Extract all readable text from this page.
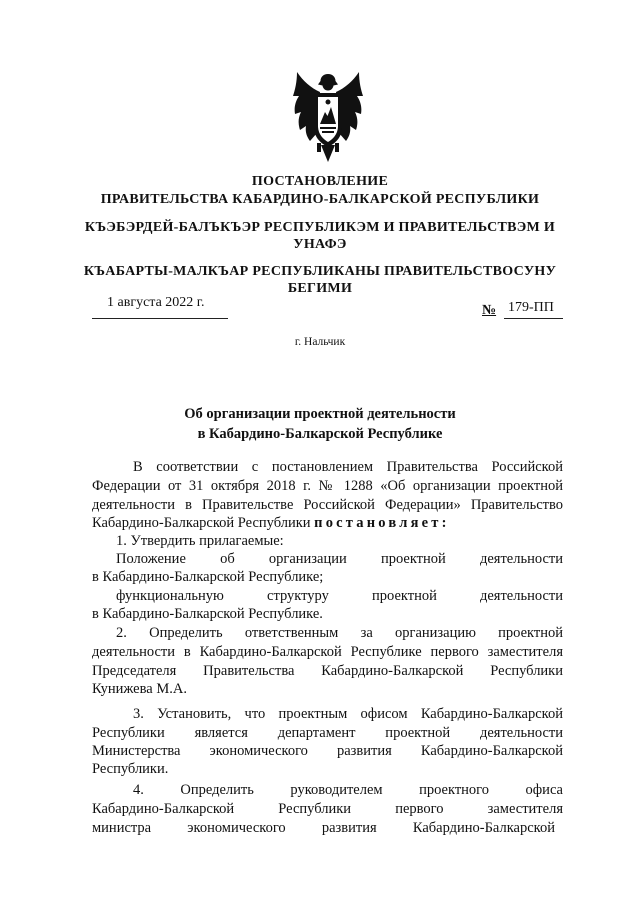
ПОСТАНОВЛЕНИЕ
ПРАВИТЕЛЬСТВА КАБАРДИНО-БАЛКАРСКОЙ РЕСПУБЛИКИ
КЪЭБЭРДЕЙ-БАЛЪКЪЭР РЕСПУБЛИКЭМ И ПРАВИТЕЛЬСТВЭМ И
УНАФЭ
КЪАБАРТЫ-МАЛКЪАР РЕСПУБЛИКАНЫ ПРАВИТЕЛЬСТВОСУНУ
БЕГИМИ
1 августа 2022 г.
№ 179-ПП
г. Нальчик
Об организации проектной деятельности
в Кабардино-Балкарской Республике
В соответствии с постановлением Правительства Российской
Федерации от 31 октября 2018 г. № 1288 «Об организации проектной
деятельности в Правительстве Российской Федерации» Правительство
Кабардино-Балкарской Республики постановляет:
1. Утвердить прилагаемые:
Положение об организации проектной деятельности
в Кабардино-Балкарской Республике;
функциональную структуру проектной деятельности
в Кабардино-Балкарской Республике.
2. Определить ответственным за организацию проектной
деятельности в Кабардино-Балкарской Республике первого заместителя
Председателя Правительства Кабардино-Балкарской Республики
Кунижева М.А.
3. Установить, что проектным офисом Кабардино-Балкарской
Республики является департамент проектной деятельности
Министерства экономического развития Кабардино-Балкарской
Республики.
4. Определить руководителем проектного офиса
Кабардино-Балкарской Республики первого заместителя
министра экономического развития Кабардино-Балкарской
